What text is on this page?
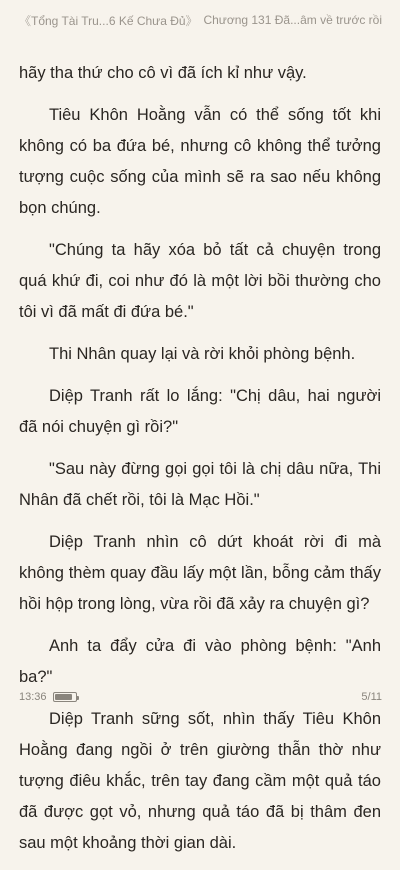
《Tổng Tài Tru...6 Kế Chưa Đủ》 Chương 131 Đã...âm về trước rồi

hãy tha thứ cho cô vì đã ích kỉ như vậy.

Tiêu Khôn Hoằng vẫn có thể sống tốt khi không có ba đứa bé, nhưng cô không thể tưởng tượng cuộc sống của mình sẽ ra sao nếu không bọn chúng.

"Chúng ta hãy xóa bỏ tất cả chuyện trong quá khứ đi, coi như đó là một lời bồi thường cho tôi vì đã mất đi đứa bé."

Thi Nhân quay lại và rời khỏi phòng bệnh.

Diệp Tranh rất lo lắng: "Chị dâu, hai người đã nói chuyện gì rồi?"

"Sau này đừng gọi gọi tôi là chị dâu nữa, Thi Nhân đã chết rồi, tôi là Mạc Hồi."

Diệp Tranh nhìn cô dứt khoát rời đi mà không thèm quay đầu lấy một lần, bỗng cảm thấy hồi hộp trong lòng, vừa rồi đã xảy ra chuyện gì?

Anh ta đẩy cửa đi vào phòng bệnh: "Anh ba?"

Diệp Tranh sững sốt, nhìn thấy Tiêu Khôn Hoằng đang ngồi ở trên giường thẫn thờ như tượng điêu khắc, trên tay đang cầm một quả táo đã được gọt vỏ, nhưng quả táo đã bị thâm đen sau một khoảng thời gian dài.

13:36	5/11
